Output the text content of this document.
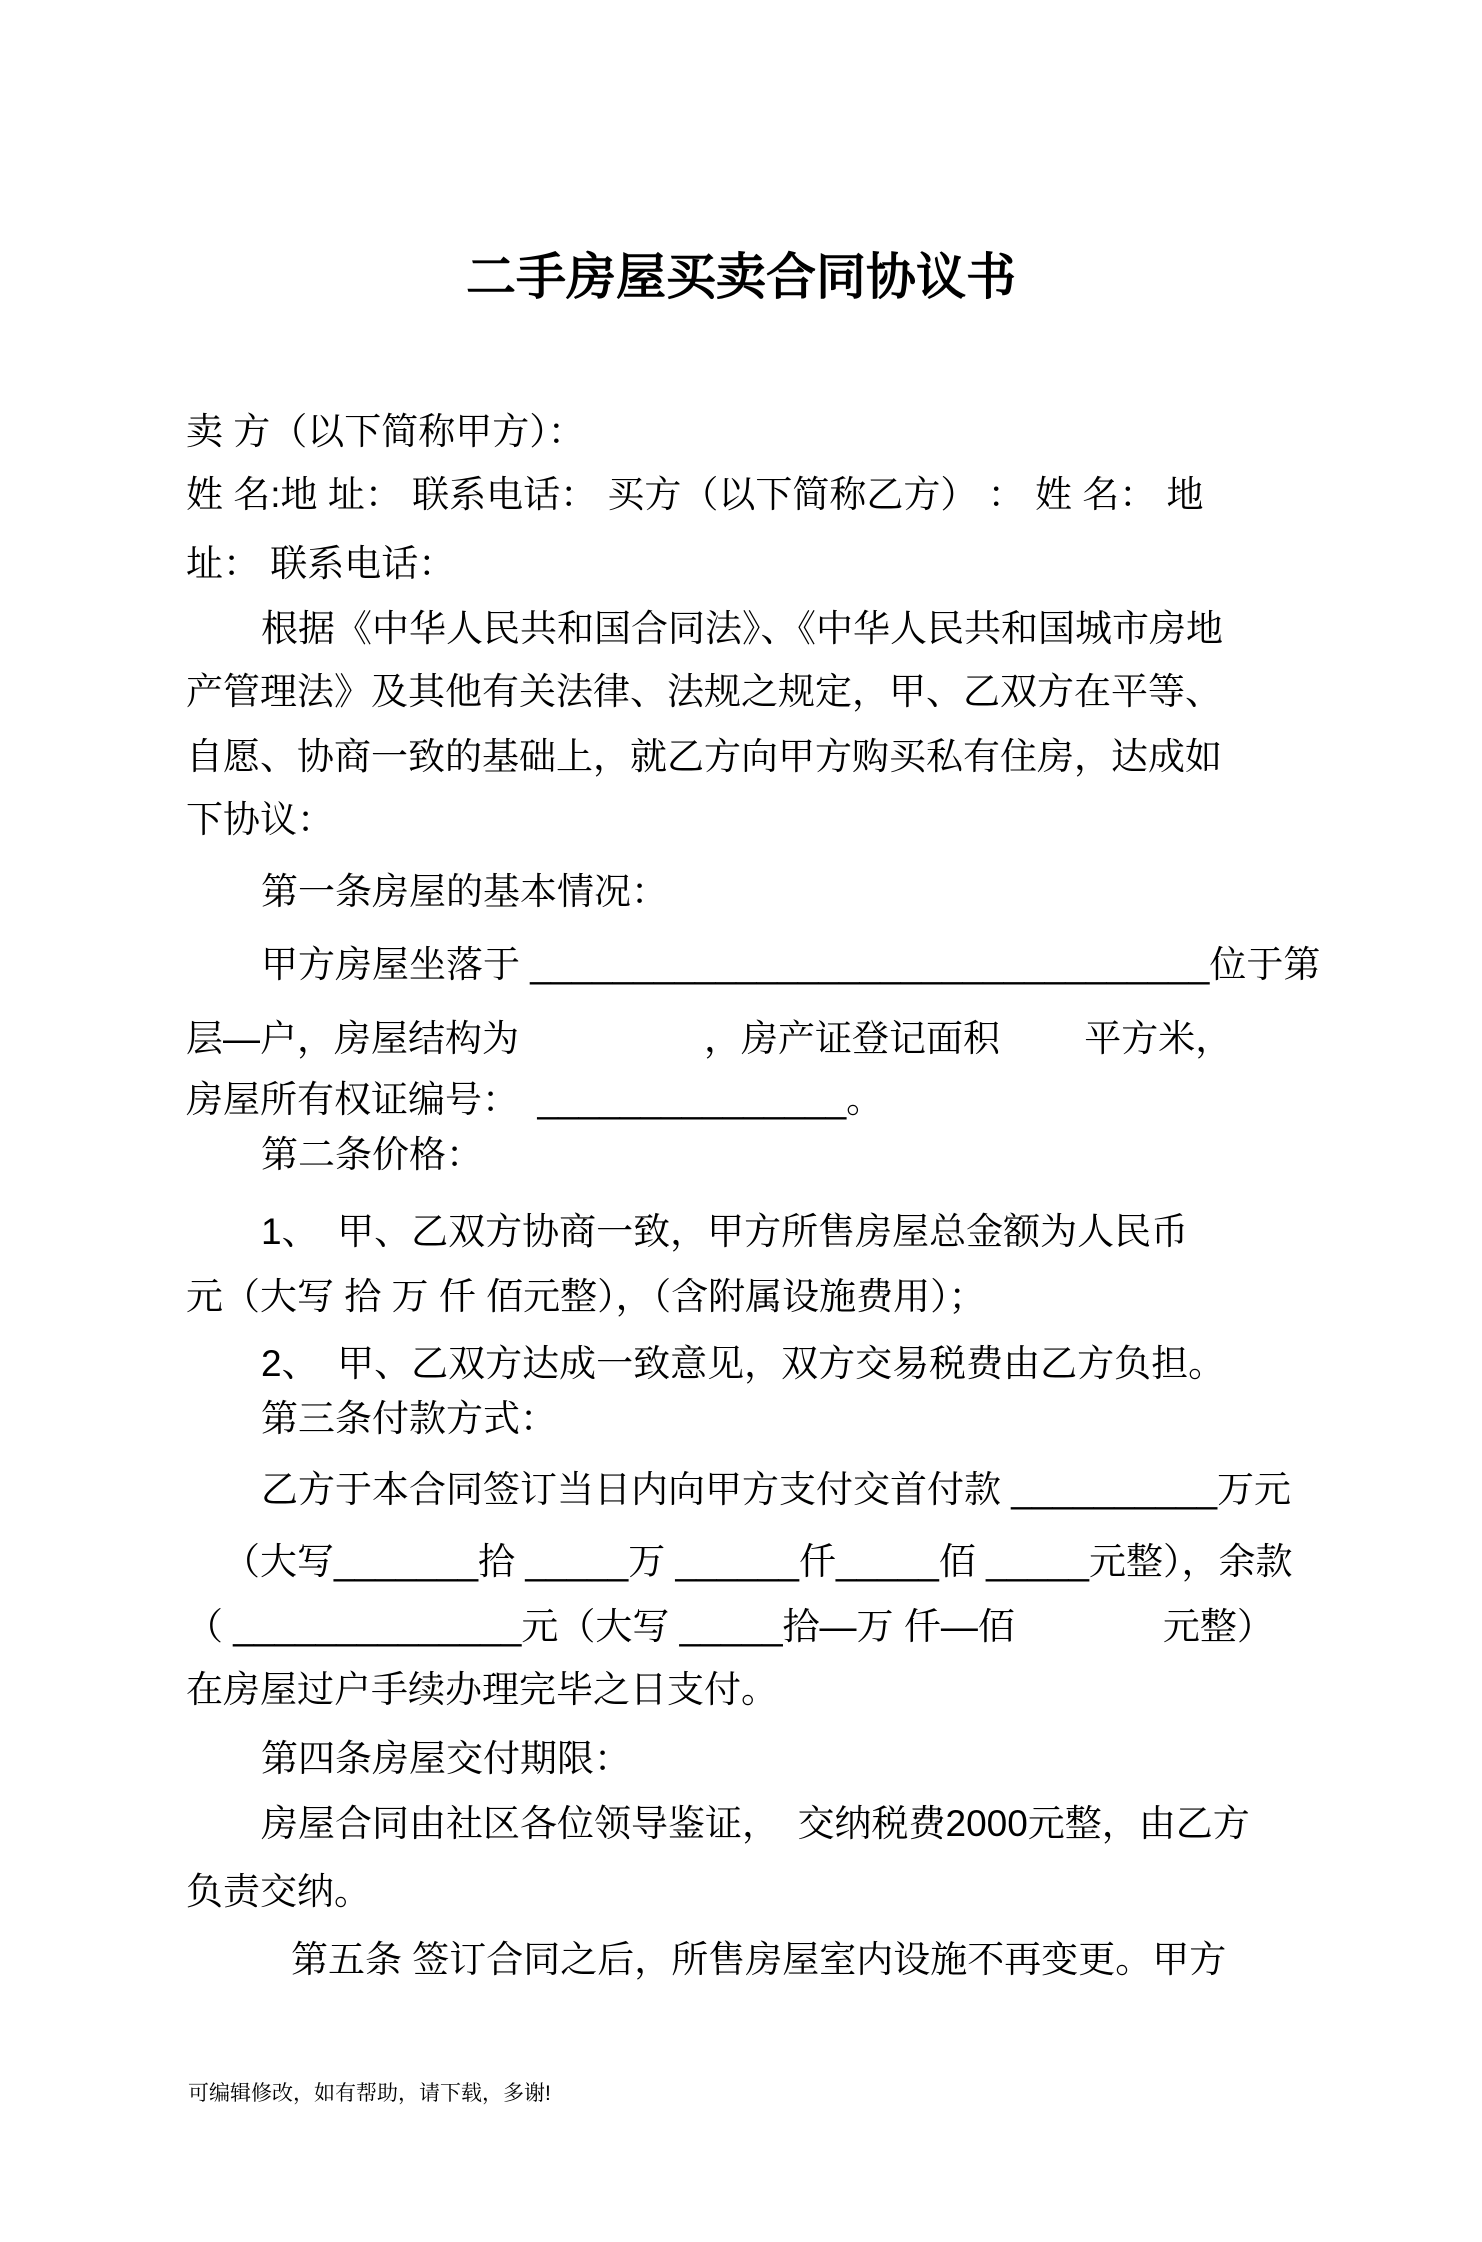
二手房屋买卖合同协议书
卖 方（以下简称甲方）：
姓 名:地 址： 联系电话： 买方（以下简称乙方） ： 姓 名： 地
址： 联系电话：
根据《中华人民共和国合同法》、《中华人民共和国城市房地
产管理法》及其他有关法律、法规之规定，甲、乙双方在平等、
自愿、协商一致的基础上，就乙方向甲方购买私有住房，达成如
下协议：
第一条房屋的基本情况：
甲方房屋坐落于 _________________________________位于第
层—户，房屋结构为　　　　　，房产证登记面积　　 平方米，
房屋所有权证编号：　_______________。
第二条价格：
1、　甲、乙双方协商一致，甲方所售房屋总金额为人民币
元（大写 拾 万 仟 佰元整），（含附属设施费用）；
2、　甲、乙双方达成一致意见，双方交易税费由乙方负担。
第三条付款方式：
乙方于本合同签订当日内向甲方支付交首付款 __________万元
（大写_______拾 _____万 ______仟_____佰 _____元整），余款
（ ______________元（大写 _____拾—万 仟—佰　　　　元整）
在房屋过户手续办理完毕之日支付。
第四条房屋交付期限：
房屋合同由社区各位领导鉴证，　交纳税费2000元整，由乙方
负责交纳。
第五条 签订合同之后，所售房屋室内设施不再变更。甲方
可编辑修改，如有帮助，请下载，多谢!
